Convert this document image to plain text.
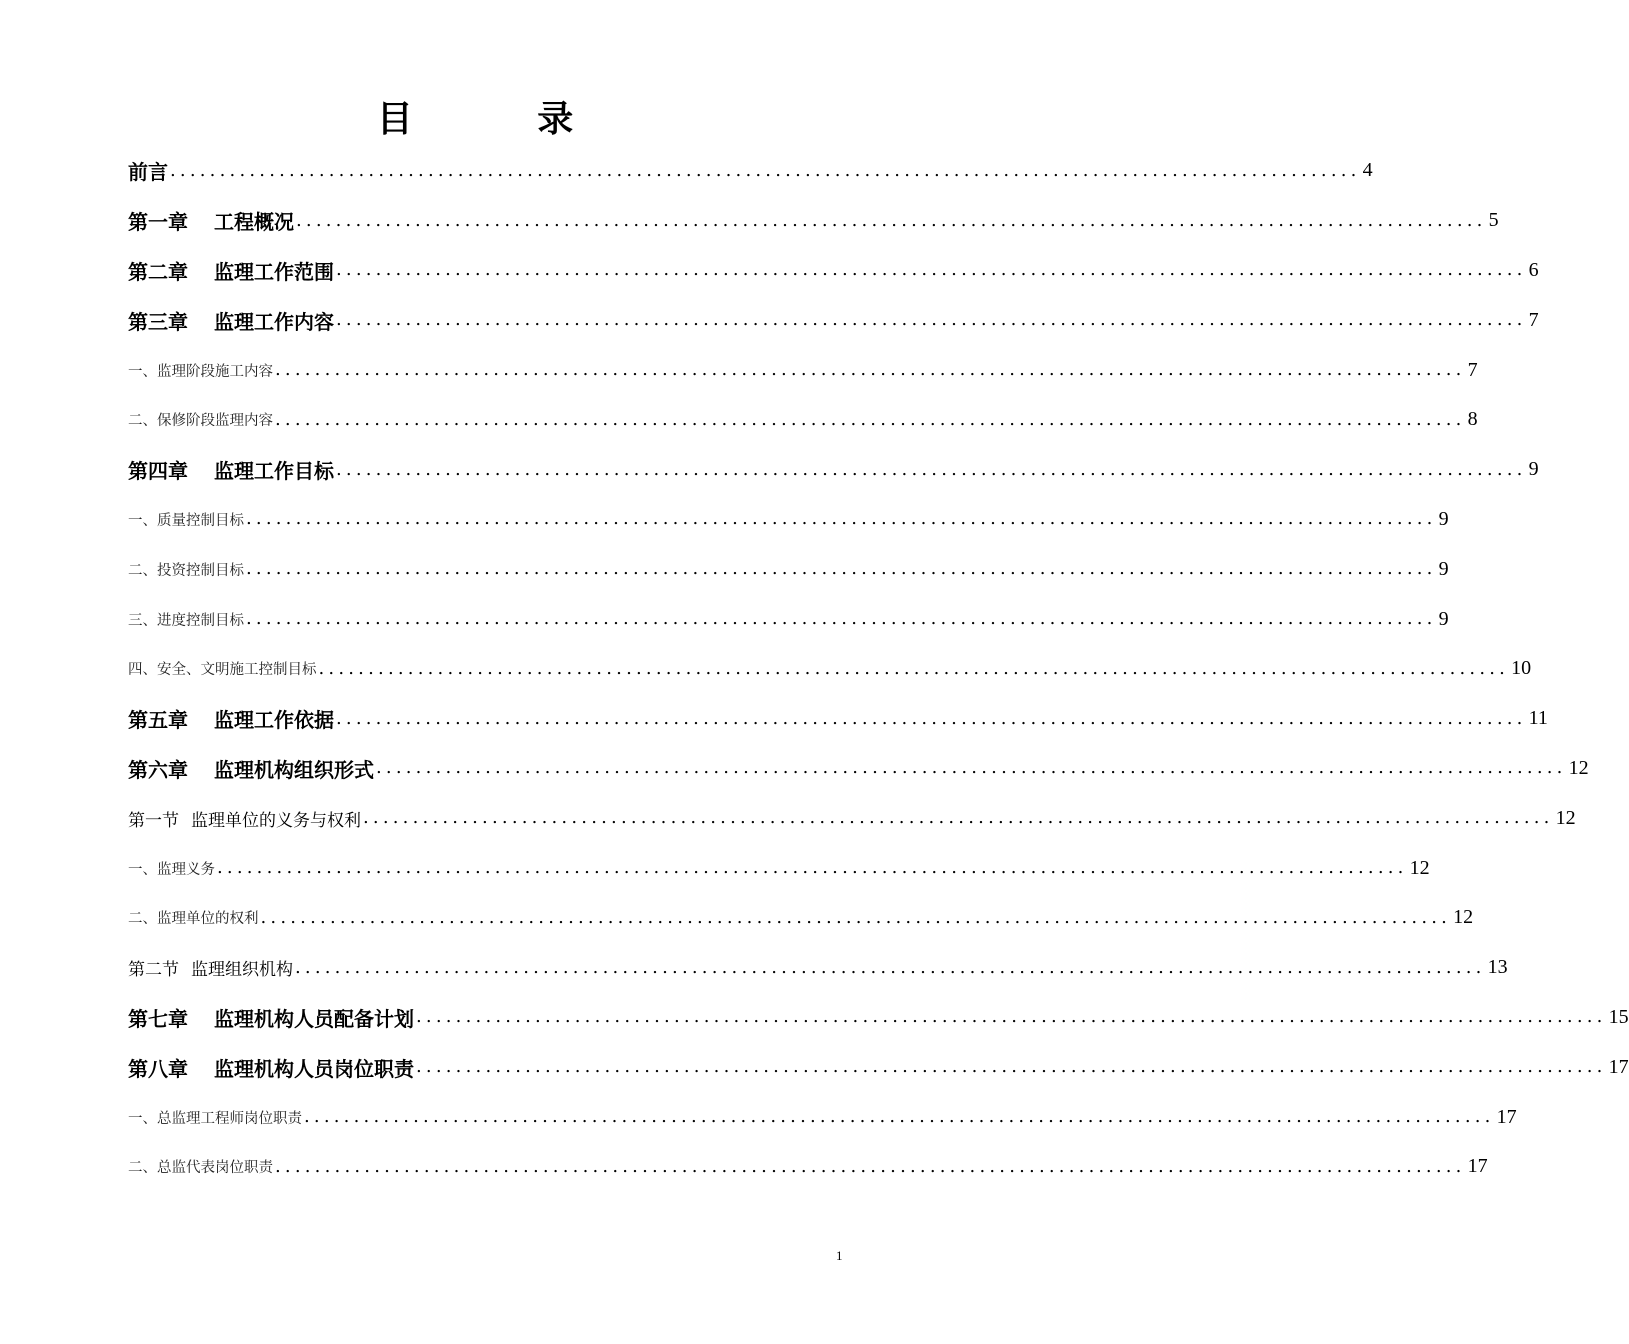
目 录
前言 ........................................................................................................................ 4
第一章 工程概况 ........................................................................................................................ 5
第二章 监理工作范围 ........................................................................................................................ 6
第三章 监理工作内容 ........................................................................................................................ 7
一、监理阶段施工内容 ........................................................................................................................ 7
二、保修阶段监理内容 ........................................................................................................................ 8
第四章 监理工作目标 ........................................................................................................................ 9
一、质量控制目标 ........................................................................................................................ 9
二、投资控制目标 ........................................................................................................................ 9
三、进度控制目标 ........................................................................................................................ 9
四、安全、文明施工控制目标 ........................................................................................................................ 10
第五章 监理工作依据 ........................................................................................................................ 11
第六章 监理机构组织形式 ........................................................................................................................ 12
第一节 监理单位的义务与权利 ........................................................................................................................ 12
一、监理义务 ........................................................................................................................ 12
二、监理单位的权利 ........................................................................................................................ 12
第二节 监理组织机构 ........................................................................................................................ 13
第七章 监理机构人员配备计划 ........................................................................................................................ 15
第八章 监理机构人员岗位职责 ........................................................................................................................ 17
一、总监理工程师岗位职责 ........................................................................................................................ 17
二、总监代表岗位职责 ........................................................................................................................ 17
1
